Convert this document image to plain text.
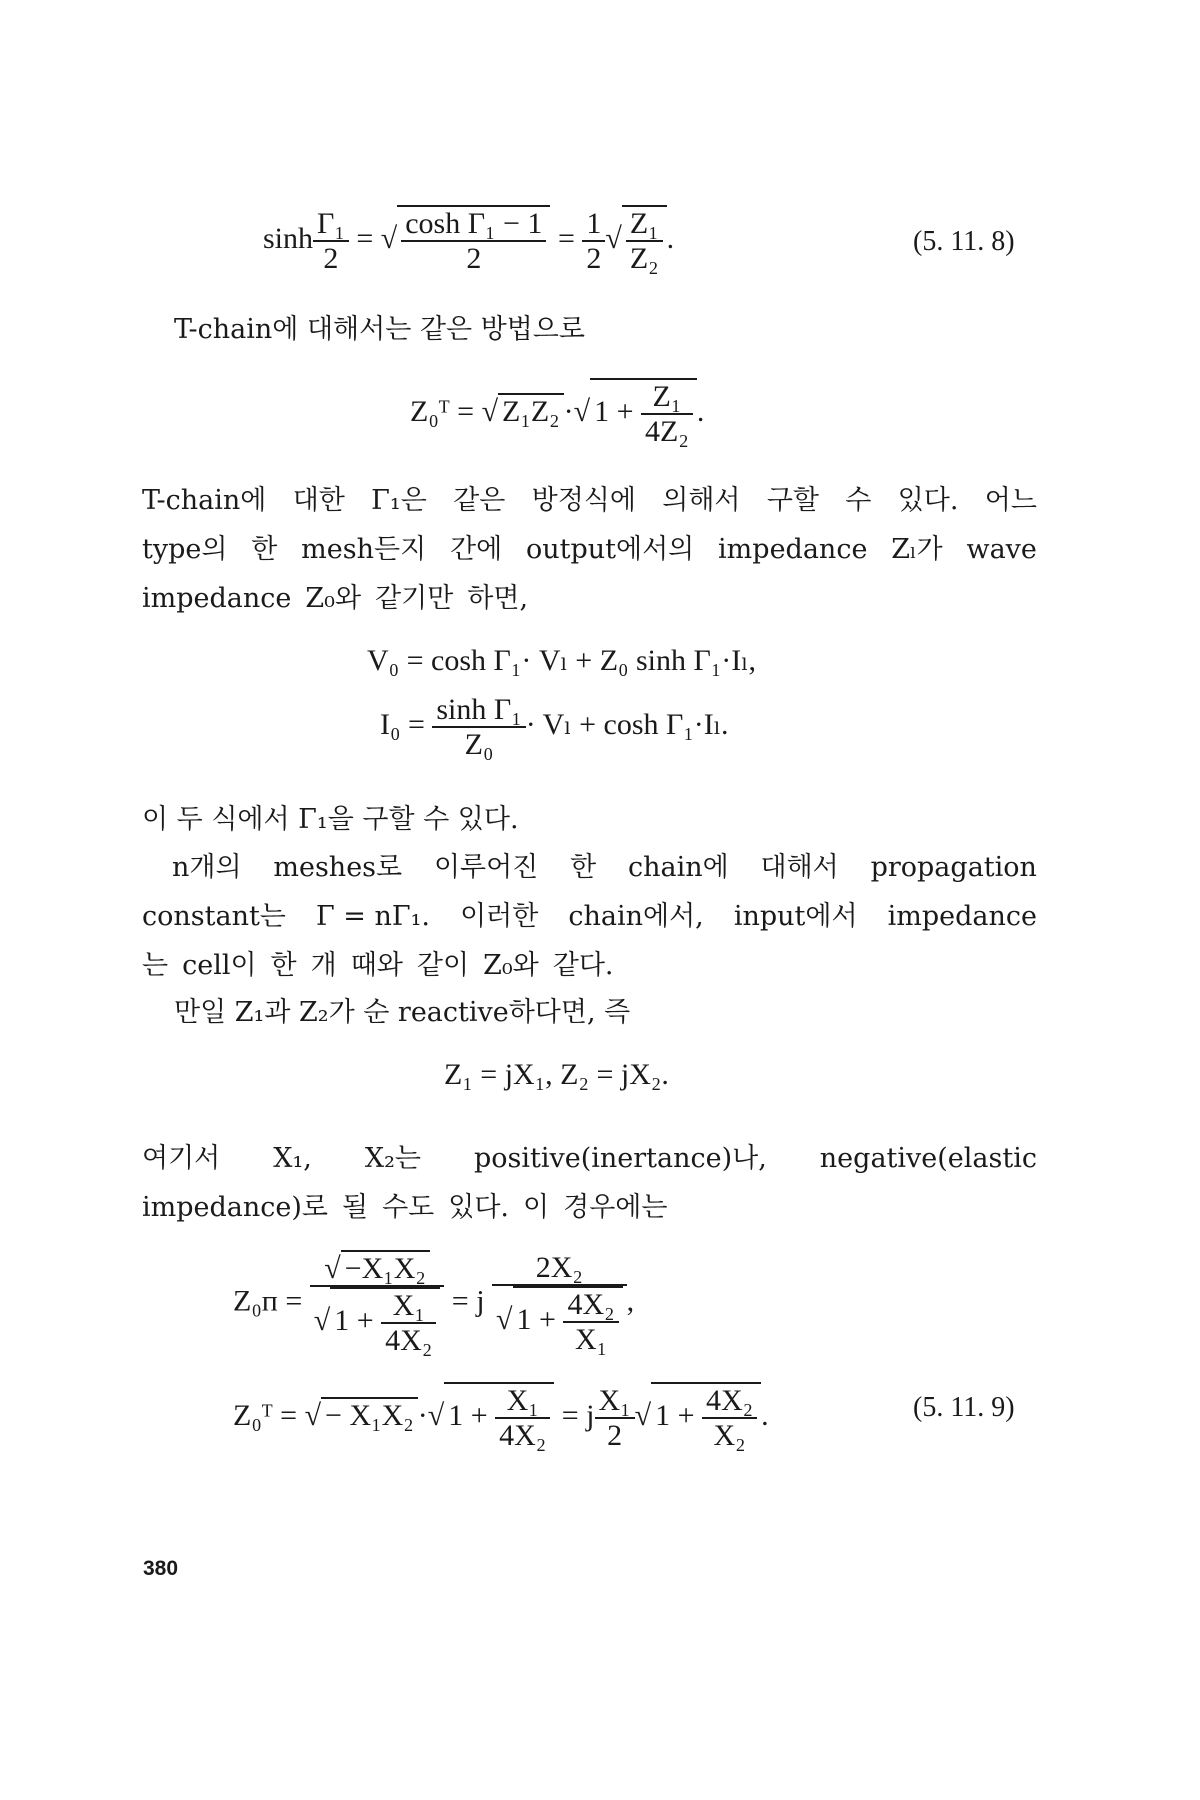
$\sinh \frac{\text{Γ₁}}{2}$ = √ $\frac{\text{cosh Γ₁ − 1}}{2} = \frac{1}{2}$ √ $\frac{\text{Z₁}}{\text{Z₂}}$ .	(5. 11. 8)
T-chain에 대해서는 같은 방법으로
Z₀ᵀ = √ Z₁Z₂ ·√ $1 + \frac{\text{Z₁}}{\text{4Z₂}}$ .
T-chain에 대한 Γ₁은 같은 방정식에 의해서 구할 수 있다. 어느
type의 한 mesh든지 간에 output에서의 impedance Zₗ가 wave
impedance Z₀와 같기만 하면,
V₀ = cosh Γ₁· Vₗ + Z₀ sinh Γ₁·Iₗ,
$I_0 = \frac{\text{sinh Γ₁}}{\text{Z₀}} \cdot V_l + \cosh \Gamma_1\cdot I_l$.
이 두 식에서 Γ₁을 구할 수 있다.
n개의 meshes로 이루어진 한 chain에 대해서 propagation
constant는 Γ = nΓ₁. 이러한 chain에서, input에서 impedance
는 cell이 한 개 때와 같이 Z₀와 같다.
만일 Z₁과 Z₂가 순 reactive하다면, 즉
Z₁ = jX₁, Z₂ = jX₂.
여기서 X₁, X₂는 positive(inertance)나, negative(elastic
impedance)로 될 수도 있다. 이 경우에는
Z₀ᴨ = $\frac{\text{√ −X₁X₂}}{√ 1 + \frac{\text{X₁}}{\text{4X₂}}} = j \frac{\text{2X₂}}{√ 1 + \frac{\text{4X₂}}{\text{X₁}}}$ ,
Z₀ᵀ = √ − X₁X₂ ·√ $1 + \frac{\text{X₁}}{\text{4X₂}} = j \frac{\text{X₁}}{2}$ √ $1 + \frac{\text{4X₂}}{\text{X₂}}$ .	(5. 11. 9)
380
